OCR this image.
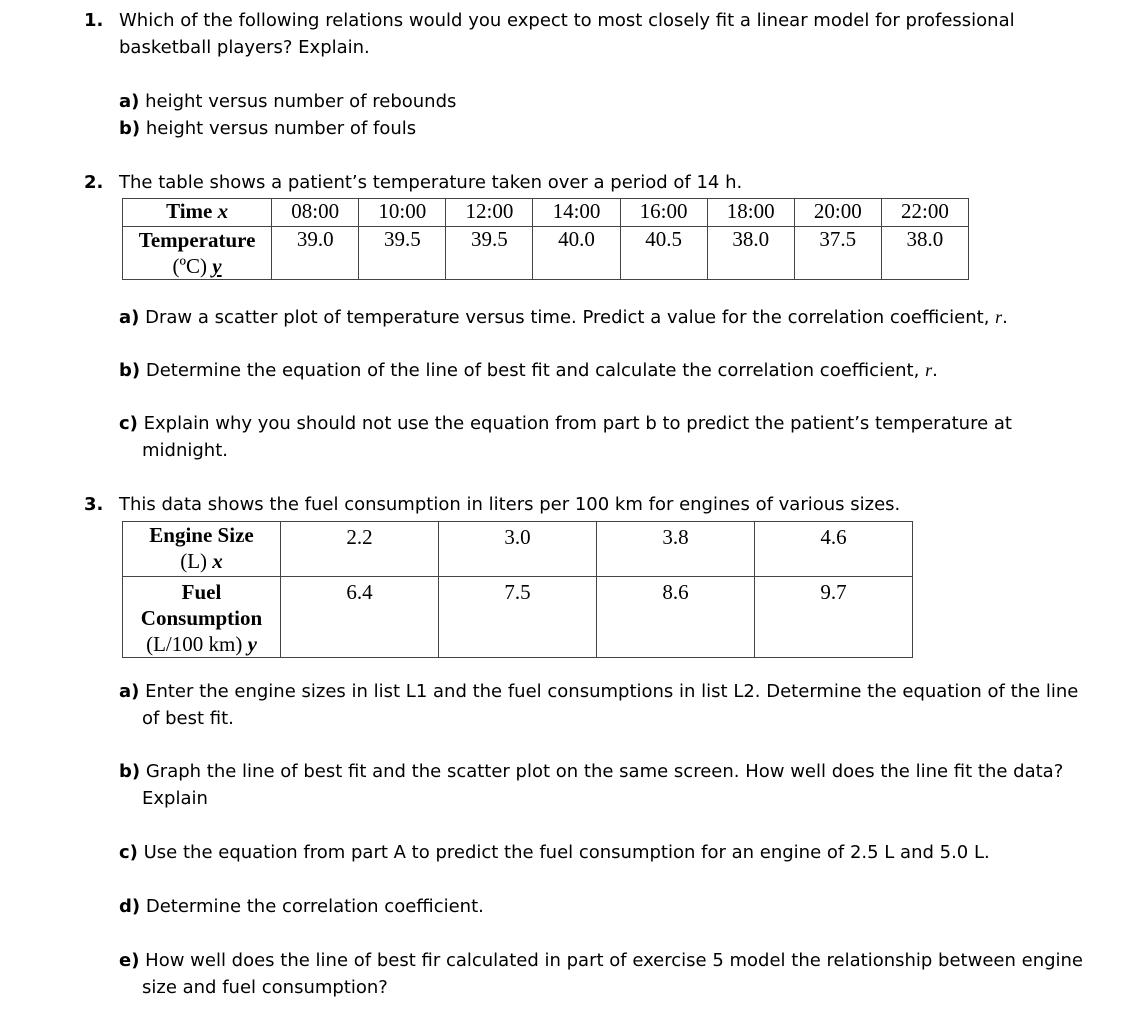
1. Which of the following relations would you expect to most closely fit a linear model for professional
basketball players? Explain.
a) height versus number of rebounds
b) height versus number of fouls
2. The table shows a patient’s temperature taken over a period of 14 h.
Time x	08:00	10:00	12:00	14:00	16:00	18:00	20:00	22:00
Temperature
(ºC) y	39.0	39.5	39.5	40.0	40.5	38.0	37.5	38.0
a) Draw a scatter plot of temperature versus time. Predict a value for the correlation coefficient, r.
b) Determine the equation of the line of best fit and calculate the correlation coefficient, r.
c) Explain why you should not use the equation from part b to predict the patient’s temperature at
midnight.
3. This data shows the fuel consumption in liters per 100 km for engines of various sizes.
Engine Size
(L) x	2.2	3.0	3.8	4.6
Fuel
Consumption
(L/100 km) y	6.4	7.5	8.6	9.7
a) Enter the engine sizes in list L1 and the fuel consumptions in list L2. Determine the equation of the line
of best fit.
b) Graph the line of best fit and the scatter plot on the same screen. How well does the line fit the data?
Explain
c) Use the equation from part A to predict the fuel consumption for an engine of 2.5 L and 5.0 L.
d) Determine the correlation coefficient.
e) How well does the line of best fir calculated in part of exercise 5 model the relationship between engine
size and fuel consumption?
